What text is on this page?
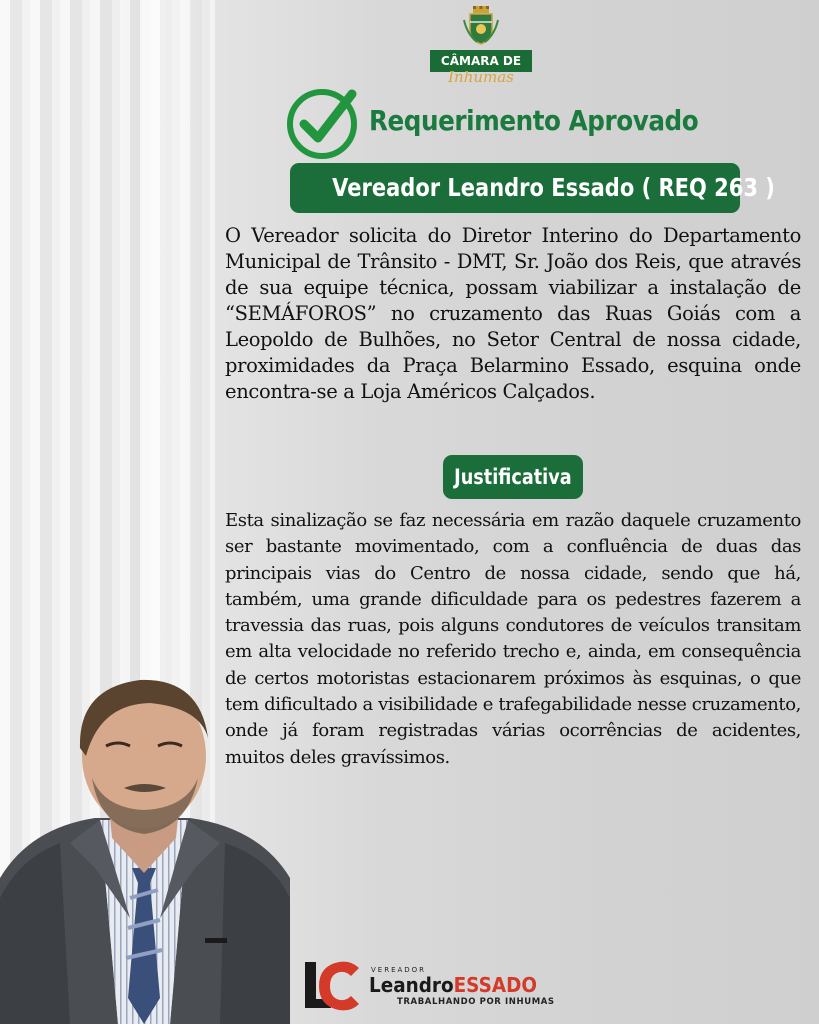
CÂMARA DE
Inhumas
Requerimento Aprovado
Vereador Leandro Essado ( REQ 263 )
O Vereador solicita do Diretor Interino do Departamento Municipal de Trânsito - DMT, Sr. João dos Reis, que através de sua equipe técnica, possam viabilizar a instalação de “SEMÁFOROS” no cruzamento das Ruas Goiás com a Leopoldo de Bulhões, no Setor Central de nossa cidade, proximidades da Praça Belarmino Essado, esquina onde encontra-se a Loja Américos Calçados.
Justificativa
Esta sinalização se faz necessária em razão daquele cruzamento ser bastante movimentado, com a confluência de duas das principais vias do Centro de nossa cidade, sendo que há, também, uma grande dificuldade para os pedestres fazerem a travessia das ruas, pois alguns condutores de veículos transitam em alta velocidade no referido trecho e, ainda, em consequência de certos motoristas estacionarem próximos às esquinas, o que tem dificultado a visibilidade e trafegabilidade nesse cruzamento, onde já foram registradas várias ocorrências de acidentes, muitos deles gravíssimos.
VEREADOR
LeandroESSADO
TRABALHANDO POR INHUMAS
